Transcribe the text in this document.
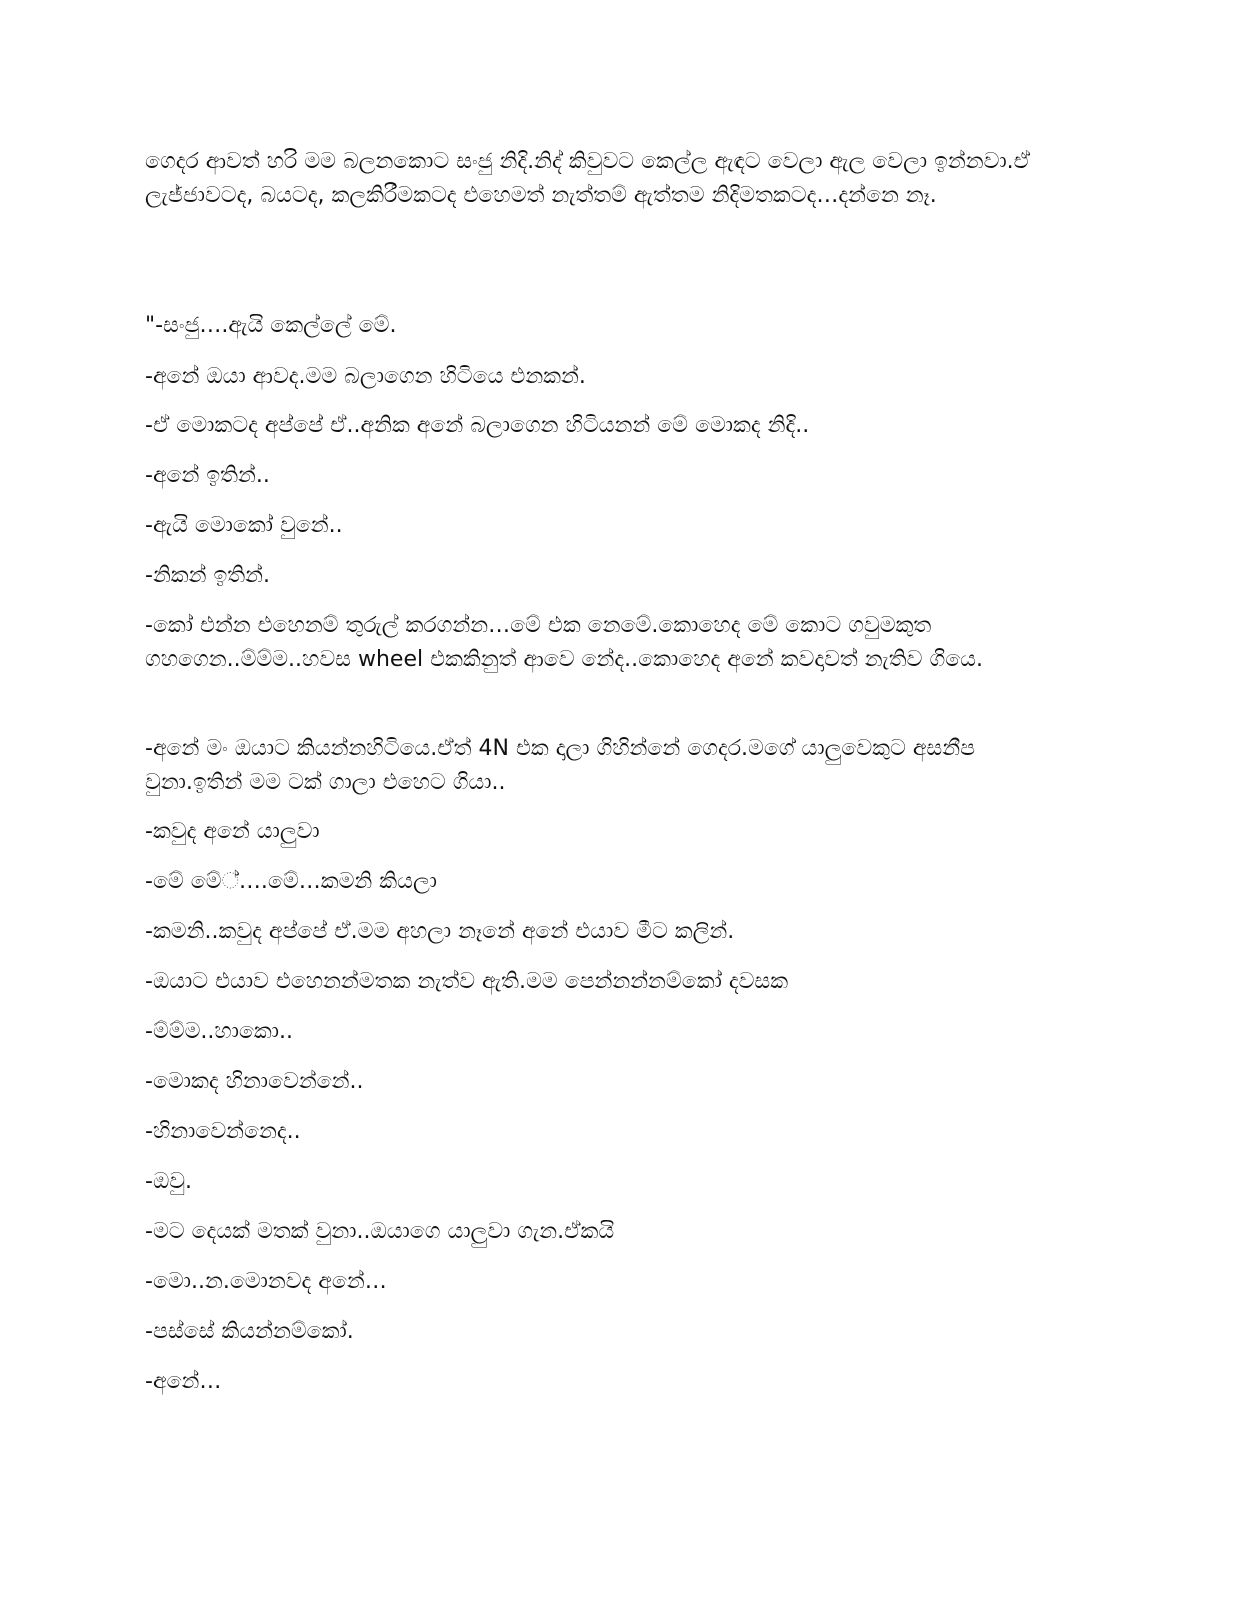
ගෙදර ආවත් හරි මම බලනකොට සංජු නිදි.නිද් කිවුවට කෙල්ල ඇඳට වෙලා ඇල වෙලා ඉන්නවා.ඒ ලැජ්ජාවටද, බයටද, කලකිරීමකටද එහෙමත් නැත්තම් ඇත්තම නිදිමතකටද…දන්නෙ නෑ.

"-සංජු….ඇයි කෙල්ලේ මේ.

-අනේ ඔයා ආවද.මම බලාගෙන හිටියෙ එනකන්.

-ඒ මොකටද අප්පේ ඒ..අනික අනේ බලාගෙන හිටියනන් මේ මොකද නිදි..

-අනේ ඉතින්..

-ඇයි මොකෝ වුනේ..

-නිකන් ඉතින්.

-කෝ එන්න එහෙනම් තුරුල් කරගන්න…මේ එක නෙමේ.කොහෙද මේ කොට ගවුමකුත ගහගෙන..ම්ම්ම..හවස wheel එකකිනුත් ආවෙ නේද..කොහෙද අනේ කවදාවත් නැතිව ගියෙ.

-අනේ මං ඔයාට කියන්නහිටියෙ.ඒත් 4N එක දාලා ගිහින්නේ ගෙදර.මගේ යාලුවෙකුට අසනීප වුනා.ඉතින් මම ටක් ගාලා එහෙට ගියා..

-කවුද අනේ යාලුවා

-මේ මේ්….මේ…කමනි කියලා

-කමනි..කවුද අප්පේ ඒ.මම අහලා නෑනේ අනේ එයාව මීට කලින්.

-ඔයාට එයාව එහෙනන්මතක නැත්ව ඇති.මම පෙන්නන්නම්කෝ දවසක

-ම්ම්ම..හාකො..

-මොකද හිනාවෙන්නේ..

-හිනාවෙන්නෙද..

-ඔවු.

-මට දෙයක් මතක් වුනා..ඔයාගෙ යාලුවා ගැන.ඒකයි

-මො..න.මොනවද අනේ…

-පස්සේ කියන්නම්කෝ.

-අනේ…
